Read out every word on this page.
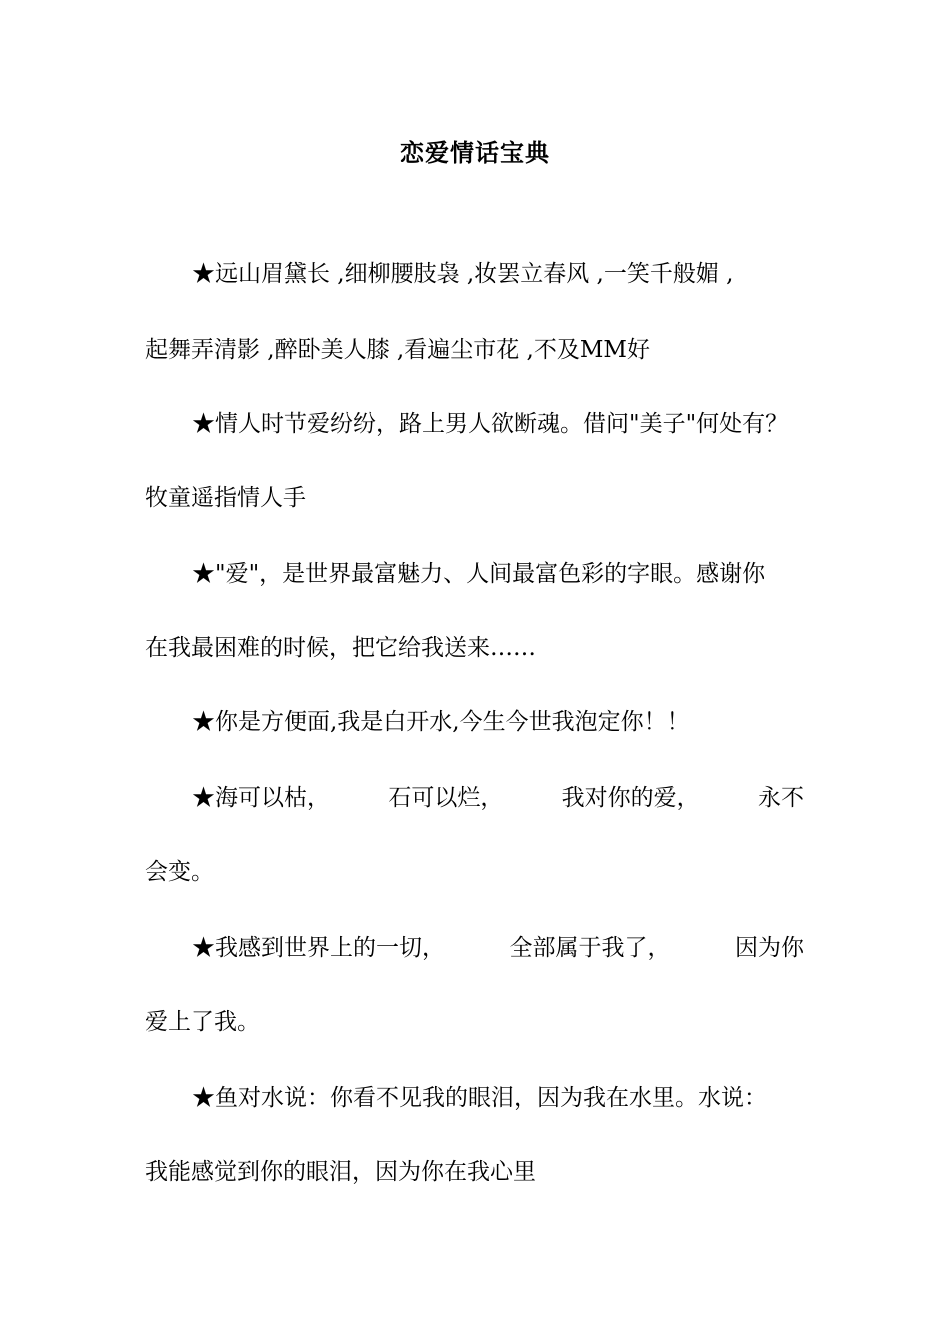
恋爱情话宝典
★远山眉黛长 ,细柳腰肢袅 ,妆罢立春风 ,一笑千般媚 ,
起舞弄清影 ,醉卧美人膝 ,看遍尘市花 ,不及MM好
★情人时节爱纷纷，路上男人欲断魂。借问"美子"何处有？
牧童遥指情人手
★"爱"，是世界最富魅力、人间最富色彩的字眼。感谢你
在我最困难的时候，把它给我送来……
★你是方便面,我是白开水,今生今世我泡定你！！
★海可以枯，	石可以烂，	我对你的爱，	永不
会变。
★我感到世界上的一切，	全部属于我了，	因为你
爱上了我。
★鱼对水说：你看不见我的眼泪，因为我在水里。水说：
我能感觉到你的眼泪，因为你在我心里
